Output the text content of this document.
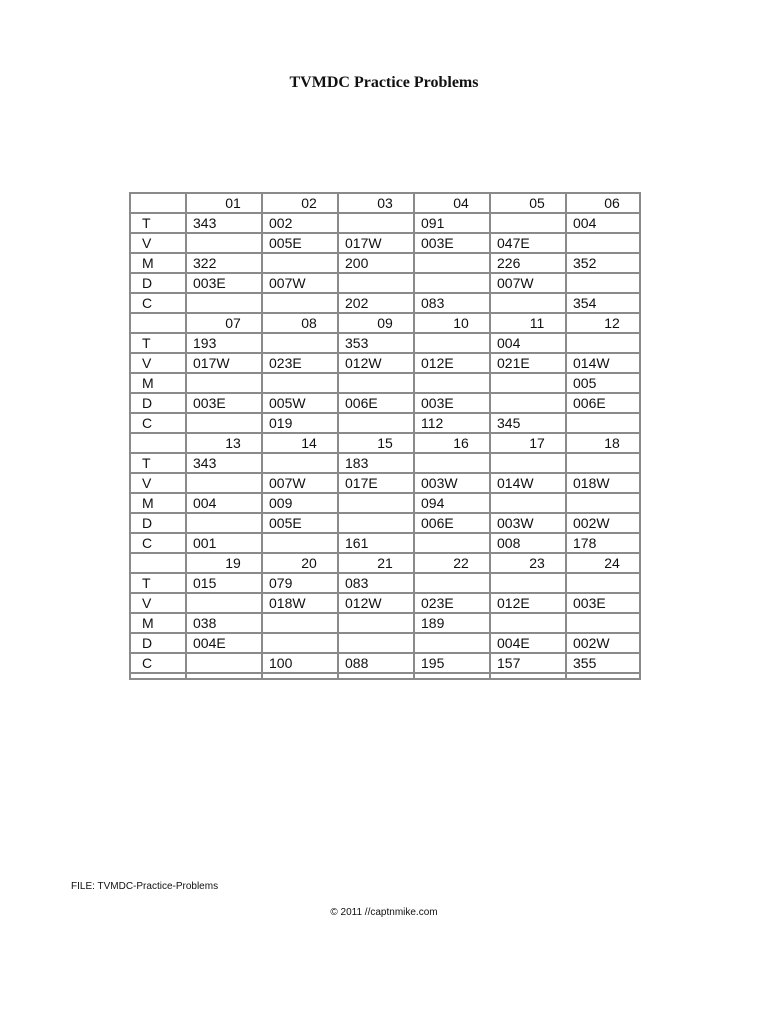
TVMDC Practice Problems
	01	02	03	04	05	06
T	343	002		091		004
V		005E	017W	003E	047E	
M	322		200		226	352
D	003E	007W			007W	
C			202	083		354
	07	08	09	10	11	12
T	193		353		004	
V	017W	023E	012W	012E	021E	014W
M						005
D	003E	005W	006E	003E		006E
C		019		112	345	
	13	14	15	16	17	18
T	343		183			
V		007W	017E	003W	014W	018W
M	004	009		094		
D		005E		006E	003W	002W
C	001		161		008	178
	19	20	21	22	23	24
T	015	079	083			
V		018W	012W	023E	012E	003E
M	038			189		
D	004E				004E	002W
C		100	088	195	157	355

FILE: TVMDC-Practice-Problems
© 2011 //captnmike.com
